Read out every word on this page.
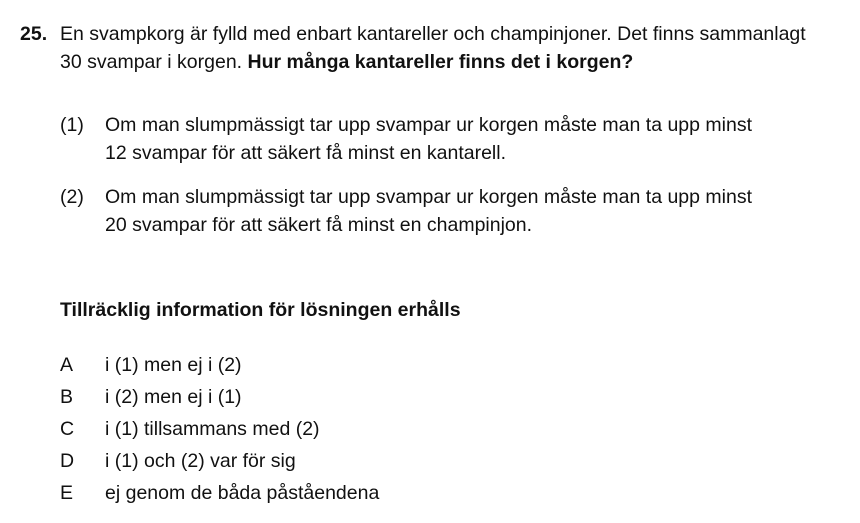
25. En svampkorg är fylld med enbart kantareller och champinjoner. Det finns sammanlagt
30 svampar i korgen. Hur många kantareller finns det i korgen?
(1) Om man slumpmässigt tar upp svampar ur korgen måste man ta upp minst
12 svampar för att säkert få minst en kantarell.
(2) Om man slumpmässigt tar upp svampar ur korgen måste man ta upp minst
20 svampar för att säkert få minst en champinjon.
Tillräcklig information för lösningen erhålls
A i (1) men ej i (2)
B i (2) men ej i (1)
C i (1) tillsammans med (2)
D i (1) och (2) var för sig
E ej genom de båda påståendena
